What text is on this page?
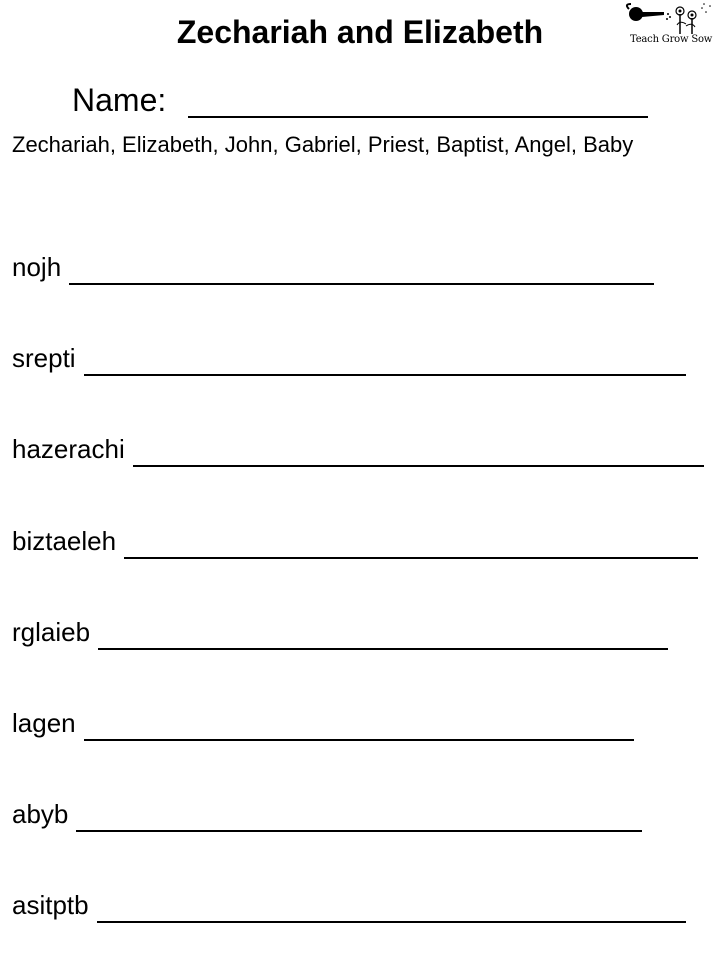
Zechariah and Elizabeth	Teach Grow Sow
Name:

Zechariah, Elizabeth, John, Gabriel, Priest, Baptist, Angel, Baby

nojh
srepti
hazerachi
biztaeleh
rglaieb
lagen
abyb
asitptb
